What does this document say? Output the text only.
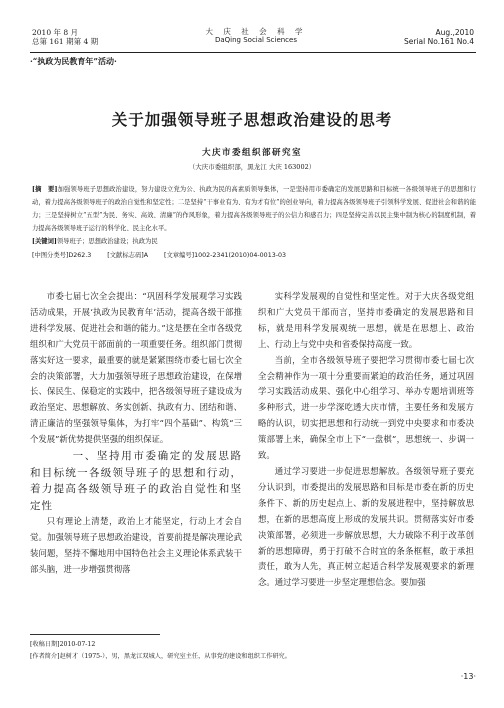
2010 年 8 月
总第 161 期第 4 期
大 庆 社 会 科 学
DaQing Social Sciences
Aug.,2010
Serial No.161 No.4
·“执政为民教育年”活动·
关于加强领导班子思想政治建设的思考
大庆市委组织部研究室
（大庆市委组织部，黑龙江 大庆 163002）
[摘　要]加强领导班子思想政治建设，努力建设立党为公、执政为民的高素质领导集体，一是坚持用市委确定的发展思路和目标统一各级领导班子的思想和行动，着力提高各级领导班子的政治自觉性和坚定性；二是坚持“干事业有为、有为才有位”的创业导向，着力提高各级领导班子引领科学发展、促进社会和谐的能力；三是坚持树立“五型”为民、务实、高效、清廉”的作风形象，着力提高各级领导班子的公信力和感召力；四是坚持完善以民主集中制为核心的制度机制，着力提高各级领导班子运行的科学化、民主化水平。
[关键词]领导班子；思想政治建设；执政为民
[中图分类号]D262.3	[文献标志码]A	[文章编号]1002-2341(2010)04-0013-03

市委七届七次全会提出：“巩固科学发展观学习实践活动成果，开展‘执政为民教育年’活动，提高各级干部推进科学发展、促进社会和谐的能力。”这是摆在全市各级党组织和广大党员干部面前的一项重要任务。组织部门贯彻落实好这一要求，最重要的就是紧紧围绕市委七届七次全会的决策部署，大力加强领导班子思想政治建设，在保增长、保民生、保稳定的实践中，把各级领导班子建设成为政治坚定、思想解放、务实创新、执政有力、团结和谐、清正廉洁的坚强领导集体，为打牢“四个基础”、构筑“三个发展”新优势提供坚强的组织保证。

一、坚持用市委确定的发展思路和目标统一各级领导班子的思想和行动，着力提高各级领导班子的政治自觉性和坚定性

只有理论上清楚，政治上才能坚定，行动上才会自觉。加强领导班子思想政治建设，首要前提是解决理论武装问题，坚持不懈地用中国特色社会主义理论体系武装干部头脑，进一步增强贯彻落

实科学发展观的自觉性和坚定性。对于大庆各级党组织和广大党员干部而言，坚持市委确定的发展思路和目标，就是用科学发展观统一思想，就是在思想上、政治上、行动上与党中央和省委保持高度一致。

当前，全市各级领导班子要把学习贯彻市委七届七次全会精神作为一项十分重要而紧迫的政治任务，通过巩固学习实践活动成果、强化中心组学习、举办专题培训班等多种形式，进一步学深吃透大庆市情，主要任务和发展方略的认识，切实把思想和行动统一到党中央要求和市委决策部署上来，确保全市上下“一盘棋”，思想统一、步调一致。

通过学习要进一步促进思想解放。各级领导班子要充分认识到，市委提出的发展思路和目标是市委在新的历史条件下、新的历史起点上、新的发展进程中，坚持解放思想，在新的思想高度上形成的发展共识。贯彻落实好市委决策部署，必须进一步解放思想，大力破除不利于改革创新的思想障碍，勇于打破不合时宜的条条框框，敢于承担责任，敢为人先，真正树立起适合科学发展观要求的新理念。通过学习要进一步坚定理想信念。要加强

[收稿日期]2010-07-12
[作者简介]赵树才（1975-），男，黑龙江双城人，研究室主任，从事党的建设和组织工作研究。
·13·
